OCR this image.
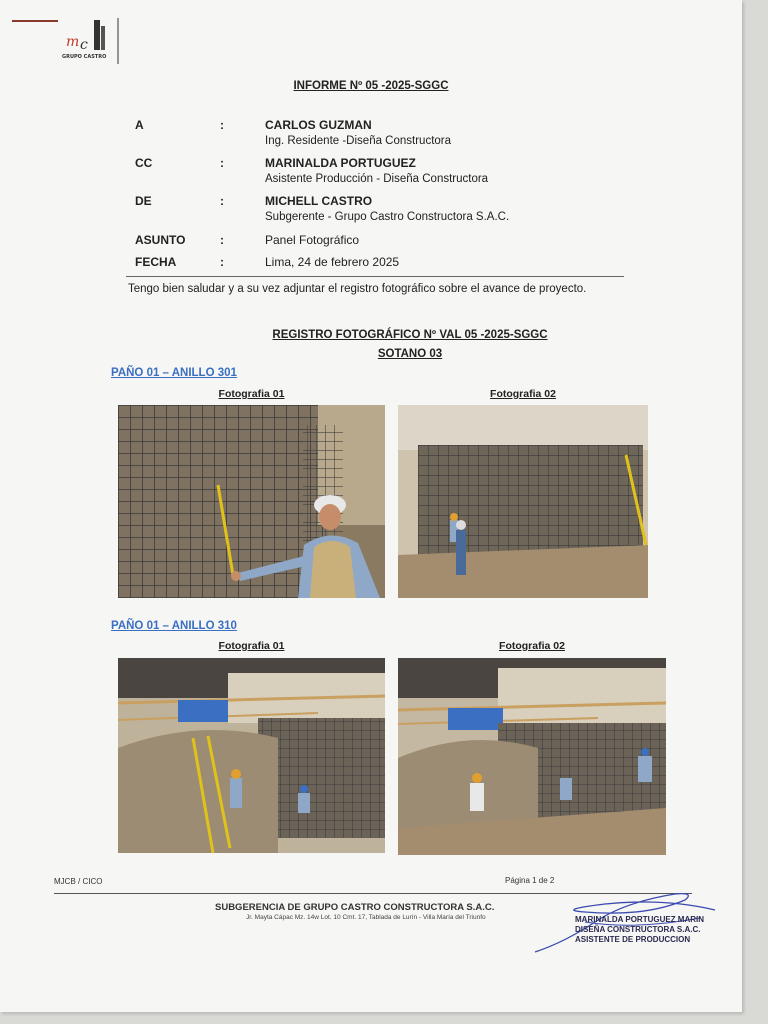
m c
GRUPO CASTRO
INFORME Nº 05 -2025-SGGC
A	:	CARLOS GUZMAN
Ing. Residente -Diseña Constructora
CC	:	MARINALDA PORTUGUEZ
Asistente Producción - Diseña Constructora
DE	:	MICHELL CASTRO
Subgerente - Grupo Castro Constructora S.A.C.
ASUNTO	:	Panel Fotográfico
FECHA	:	Lima, 24 de febrero 2025
Tengo bien saludar y a su vez adjuntar el registro fotográfico sobre el avance de proyecto.
REGISTRO FOTOGRÁFICO Nº VAL 05 -2025-SGGC
SOTANO 03
PAÑO 01 – ANILLO 301
Fotografia 01	Fotografia 02
PAÑO 01 – ANILLO 310
Fotografia 01	Fotografia 02
MJCB / CICO	Página 1 de 2
SUBGERENCIA DE GRUPO CASTRO CONSTRUCTORA S.A.C.
Jr. Mayta Cápac Mz. 14w Lot. 10 Cmt. 17, Tablada de Lurín - Villa María del Triunfo	MARINALDA PORTUGUEZ MARIN
DISEÑA CONSTRUCTORA S.A.C.
ASISTENTE DE PRODUCCION
